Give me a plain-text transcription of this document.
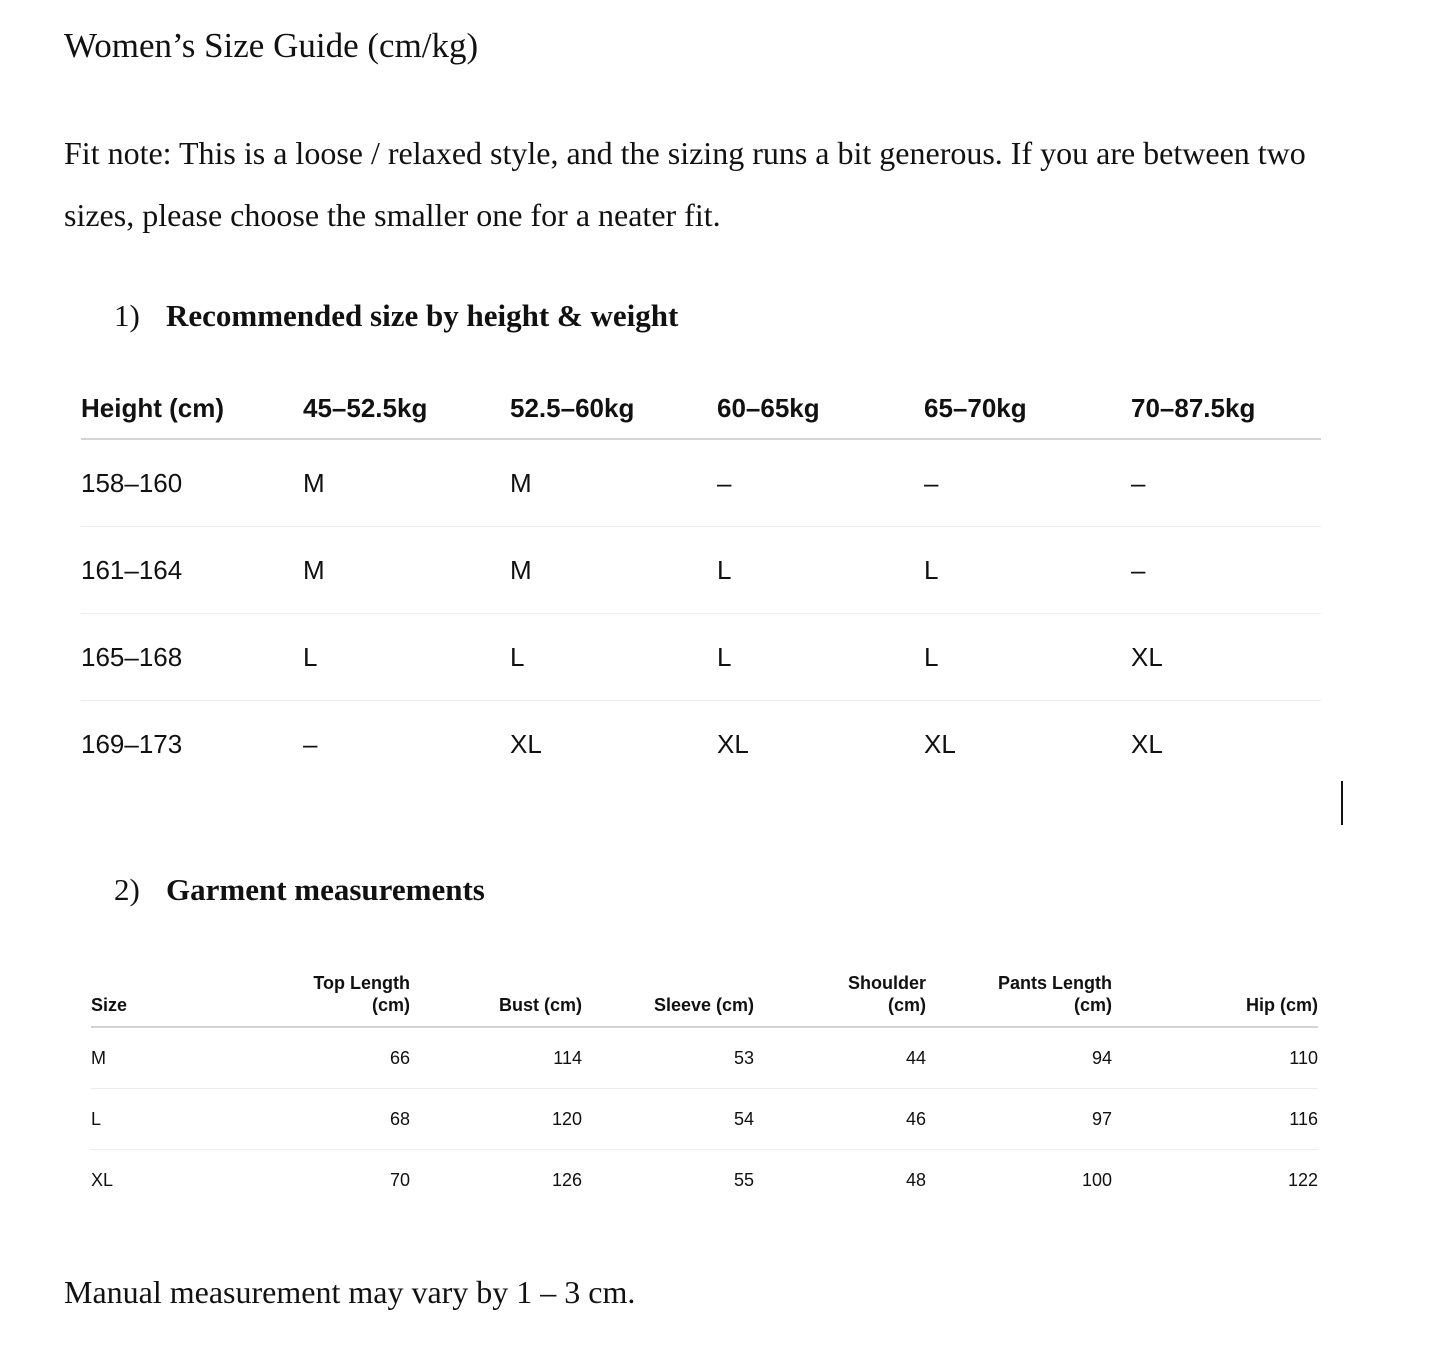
Women’s Size Guide (cm/kg)

Fit note: This is a loose / relaxed style, and the sizing runs a bit generous. If you are between two sizes, please choose the smaller one for a neater fit.

1) Recommended size by height & weight
Height (cm)	45–52.5kg	52.5–60kg	60–65kg	65–70kg	70–87.5kg
158–160	M	M	–	–	–
161–164	M	M	L	L	–
165–168	L	L	L	L	XL
169–173	–	XL	XL	XL	XL
2) Garment measurements
Size	Top Length (cm)	Bust (cm)	Sleeve (cm)	Shoulder (cm)	Pants Length (cm)	Hip (cm)
M	66	114	53	44	94	110
L	68	120	54	46	97	116
XL	70	126	55	48	100	122

Manual measurement may vary by 1 – 3 cm.
